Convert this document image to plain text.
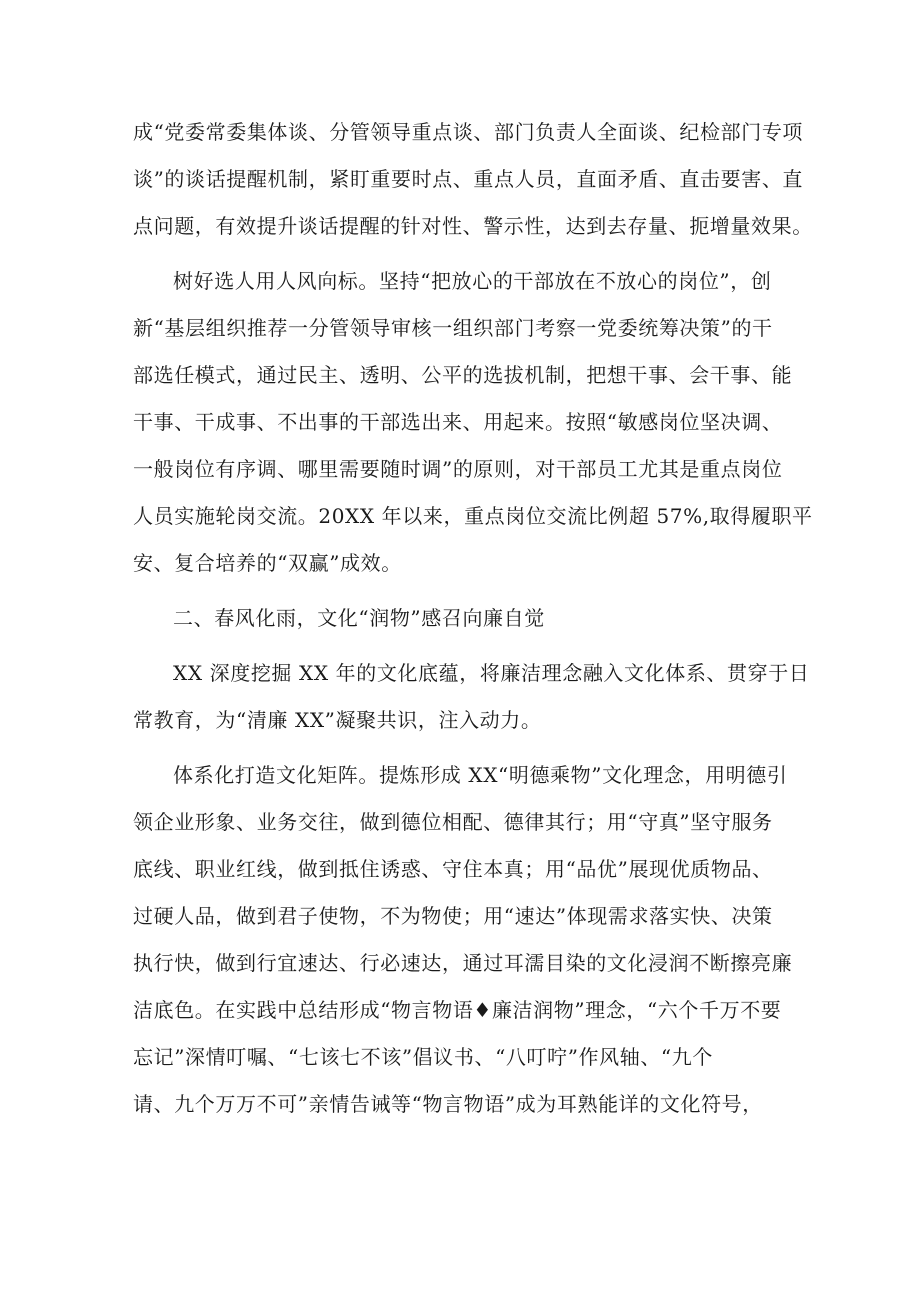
成“党委常委集体谈、分管领导重点谈、部门负责人全面谈、纪检部门专项
谈”的谈话提醒机制，紧盯重要时点、重点人员，直面矛盾、直击要害、直
点问题，有效提升谈话提醒的针对性、警示性，达到去存量、扼增量效果。
树好选人用人风向标。坚持“把放心的干部放在不放心的岗位”，创
新“基层组织推荐一分管领导审核一组织部门考察一党委统筹决策”的干
部选任模式，通过民主、透明、公平的选拔机制，把想干事、会干事、能
干事、干成事、不出事的干部选出来、用起来。按照“敏感岗位坚决调、
一般岗位有序调、哪里需要随时调”的原则，对干部员工尤其是重点岗位
人员实施轮岗交流。20XX 年以来，重点岗位交流比例超 57%,取得履职平
安、复合培养的“双赢”成效。
二、春风化雨，文化“润物”感召向廉自觉
XX 深度挖掘 XX 年的文化底蕴，将廉洁理念融入文化体系、贯穿于日
常教育，为“清廉 XX”凝聚共识，注入动力。
体系化打造文化矩阵。提炼形成 XX“明德乘物”文化理念，用明德引
领企业形象、业务交往，做到德位相配、德律其行；用“守真”坚守服务
底线、职业红线，做到抵住诱惑、守住本真；用“品优”展现优质物品、
过硬人品，做到君子使物，不为物使；用“速达”体现需求落实快、决策
执行快，做到行宜速达、行必速达，通过耳濡目染的文化浸润不断擦亮廉
洁底色。在实践中总结形成“物言物语♦廉洁润物”理念，“六个千万不要
忘记”深情叮嘱、“七该七不该”倡议书、“八叮咛”作风轴、“九个
请、九个万万不可”亲情告诫等“物言物语”成为耳熟能详的文化符号，
